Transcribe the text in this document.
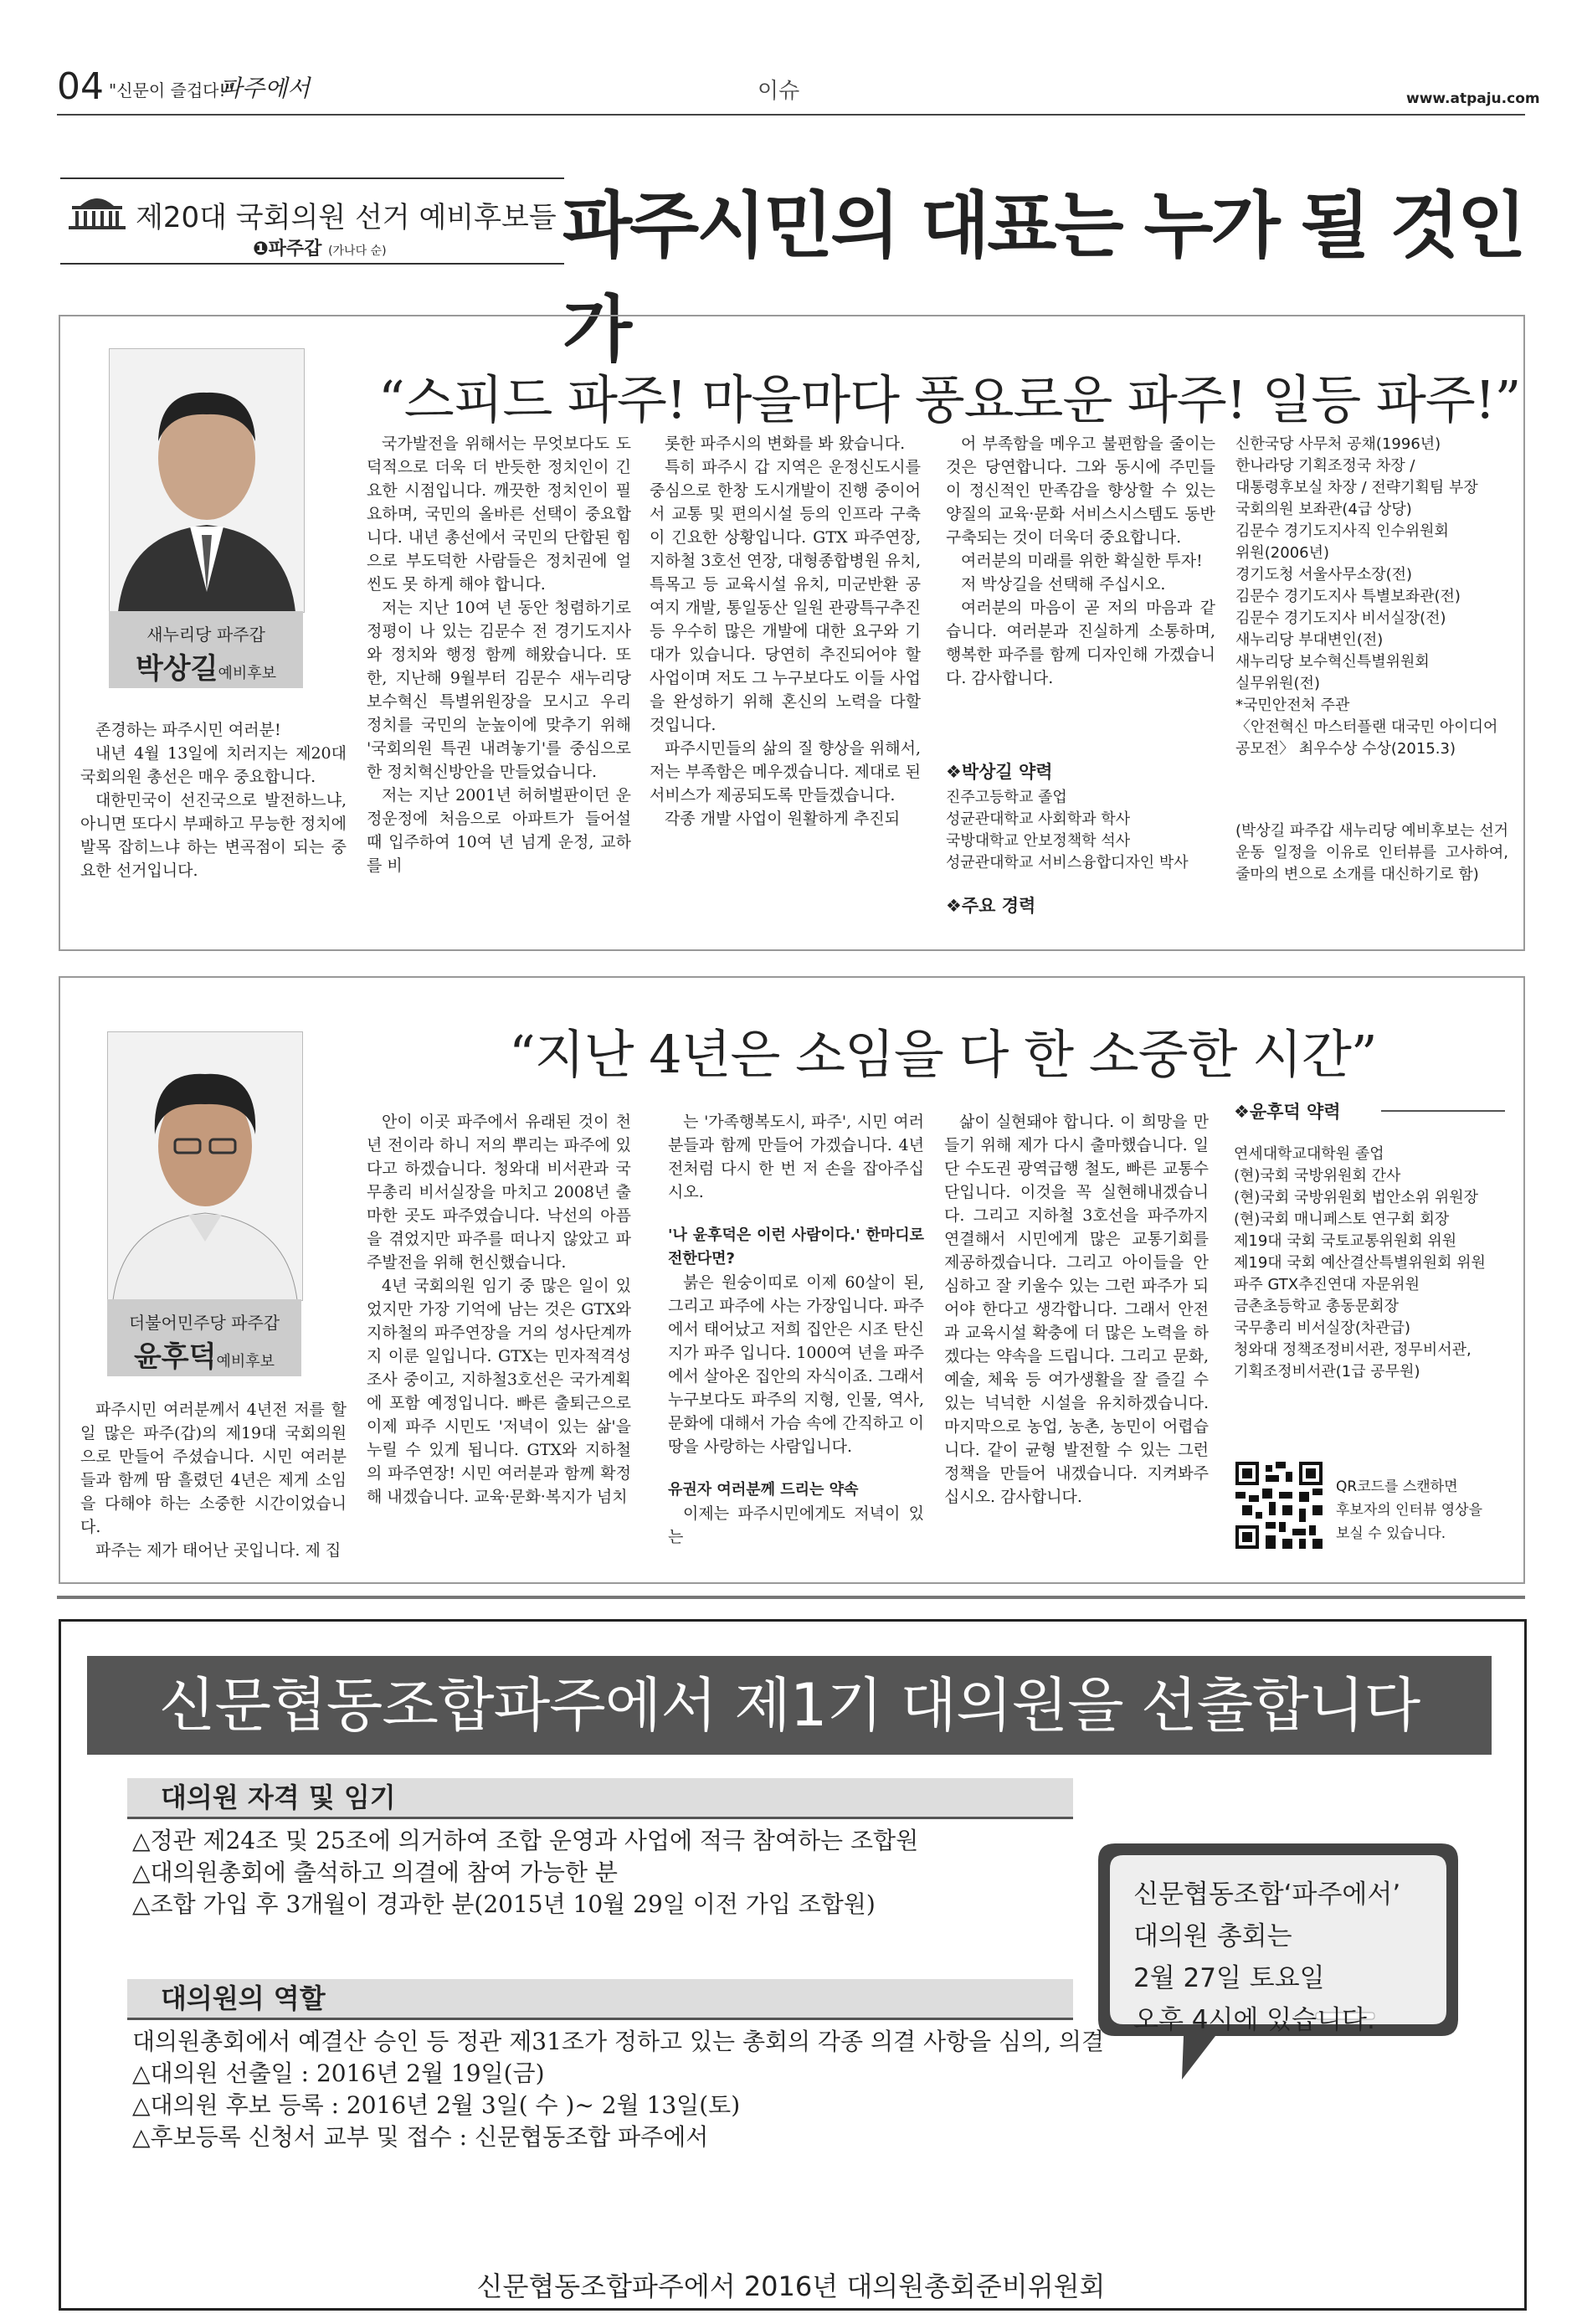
04 "신문이 즐겁다!"
파주에서	이슈	www.atpaju.com
제20대 국회의원 선거 예비후보들
❶파주갑 (가나다 순) 파주시민의 대표는 누가 될 것인가
새누리당 파주갑
박상길예비후보
“스피드 파주! 마을마다 풍요로운 파주! 일등 파주!”

존경하는 파주시민 여러분!

내년 4월 13일에 치러지는 제20대 국회의원 총선은 매우 중요합니다.

대한민국이 선진국으로 발전하느냐, 아니면 또다시 부패하고 무능한 정치에 발목 잡히느냐 하는 변곡점이 되는 중요한 선거입니다.

국가발전을 위해서는 무엇보다도 도덕적으로 더욱 더 반듯한 정치인이 긴요한 시점입니다. 깨끗한 정치인이 필요하며, 국민의 올바른 선택이 중요합니다. 내년 총선에서 국민의 단합된 힘으로 부도덕한 사람들은 정치권에 얼씬도 못 하게 해야 합니다.

저는 지난 10여 년 동안 청렴하기로 정평이 나 있는 김문수 전 경기도지사와 정치와 행정 함께 해왔습니다. 또한, 지난해 9월부터 김문수 새누리당 보수혁신 특별위원장을 모시고 우리 정치를 국민의 눈높이에 맞추기 위해 '국회의원 특권 내려놓기'를 중심으로 한 정치혁신방안을 만들었습니다.

저는 지난 2001년 허허벌판이던 운정운정에 처음으로 아파트가 들어설 때 입주하여 10여 년 넘게 운정, 교하를 비

롯한 파주시의 변화를 봐 왔습니다.

특히 파주시 갑 지역은 운정신도시를 중심으로 한창 도시개발이 진행 중이어서 교통 및 편의시설 등의 인프라 구축이 긴요한 상황입니다. GTX 파주연장, 지하철 3호선 연장, 대형종합병원 유치, 특목고 등 교육시설 유치, 미군반환 공여지 개발, 통일동산 일원 관광특구추진 등 우수히 많은 개발에 대한 요구와 기대가 있습니다. 당연히 추진되어야 할 사업이며 저도 그 누구보다도 이들 사업을 완성하기 위해 혼신의 노력을 다할 것입니다.

파주시민들의 삶의 질 향상을 위해서, 저는 부족함은 메우겠습니다. 제대로 된 서비스가 제공되도록 만들겠습니다.

각종 개발 사업이 원활하게 추진되

어 부족함을 메우고 불편함을 줄이는 것은 당연합니다. 그와 동시에 주민들이 정신적인 만족감을 향상할 수 있는 양질의 교육·문화 서비스시스템도 동반 구축되는 것이 더욱더 중요합니다.

여러분의 미래를 위한 확실한 투자!

저 박상길을 선택해 주십시오.

여러분의 마음이 곧 저의 마음과 같습니다. 여러분과 진실하게 소통하며, 행복한 파주를 함께 디자인해 가겠습니다. 감사합니다.

❖박상길 약력
진주고등학교 졸업
성균관대학교 사회학과 학사
국방대학교 안보정책학 석사
성균관대학교 서비스융합디자인 박사
❖주요 경력
신한국당 사무처 공채(1996년)
한나라당 기획조정국 차장 /
대통령후보실 차장 / 전략기획팀 부장
국회의원 보좌관(4급 상당)
김문수 경기도지사직 인수위원회
위원(2006년)
경기도청 서울사무소장(전)
김문수 경기도지사 특별보좌관(전)
김문수 경기도지사 비서실장(전)
새누리당 부대변인(전)
새누리당 보수혁신특별위원회
실무위원(전)
*국민안전처 주관
〈안전혁신 마스터플랜 대국민 아이디어
공모전〉 최우수상 수상(2015.3)
(박상길 파주갑 새누리당 예비후보는 선거운동 일정을 이유로 인터뷰를 고사하여, 줄마의 변으로 소개를 대신하기로 함)
더불어민주당 파주갑
윤후덕예비후보
“지난 4년은 소임을 다 한 소중한 시간”

파주시민 여러분께서 4년전 저를 할 일 많은 파주(갑)의 제19대 국회의원으로 만들어 주셨습니다. 시민 여러분들과 함께 땀 흘렸던 4년은 제게 소임을 다해야 하는 소중한 시간이었습니다.

파주는 제가 태어난 곳입니다. 제 집

안이 이곳 파주에서 유래된 것이 천 년 전이라 하니 저의 뿌리는 파주에 있다고 하겠습니다. 청와대 비서관과 국무총리 비서실장을 마치고 2008년 출마한 곳도 파주였습니다. 낙선의 아픔을 겪었지만 파주를 떠나지 않았고 파주발전을 위해 헌신했습니다.

4년 국회의원 임기 중 많은 일이 있었지만 가장 기억에 남는 것은 GTX와 지하철의 파주연장을 거의 성사단계까지 이룬 일입니다. GTX는 민자적격성 조사 중이고, 지하철3호선은 국가계획에 포함 예정입니다. 빠른 출퇴근으로 이제 파주 시민도 '저녁이 있는 삶'을 누릴 수 있게 됩니다. GTX와 지하철의 파주연장! 시민 여러분과 함께 확정해 내겠습니다. 교육·문화·복지가 넘치

는 '가족행복도시, 파주', 시민 여러분들과 함께 만들어 가겠습니다. 4년 전처럼 다시 한 번 저 손을 잡아주십시오.

'나 윤후덕은 이런 사람이다.' 한마디로 전한다면?

붉은 원숭이띠로 이제 60살이 된, 그리고 파주에 사는 가장입니다. 파주에서 태어났고 저희 집안은 시조 탄신지가 파주 입니다. 1000여 년을 파주에서 살아온 집안의 자식이죠. 그래서 누구보다도 파주의 지형, 인물, 역사, 문화에 대해서 가슴 속에 간직하고 이땅을 사랑하는 사람입니다.

유권자 여러분께 드리는 약속

이제는 파주시민에게도 저녁이 있는

삶이 실현돼야 합니다. 이 희망을 만들기 위해 제가 다시 출마했습니다. 일단 수도권 광역급행 철도, 빠른 교통수단입니다. 이것을 꼭 실현해내겠습니다. 그리고 지하철 3호선을 파주까지 연결해서 시민에게 많은 교통기회를 제공하겠습니다. 그리고 아이들을 안심하고 잘 키울수 있는 그런 파주가 되어야 한다고 생각합니다. 그래서 안전과 교육시설 확충에 더 많은 노력을 하겠다는 약속을 드립니다. 그리고 문화, 예술, 체육 등 여가생활을 잘 즐길 수 있는 넉넉한 시설을 유치하겠습니다. 마지막으로 농업, 농촌, 농민이 어렵습니다. 같이 균형 발전할 수 있는 그런 정책을 만들어 내겠습니다. 지켜봐주십시오. 감사합니다.

❖윤후덕 약력
연세대학교대학원 졸업
(현)국회 국방위원회 간사
(현)국회 국방위원회 법안소위 위원장
(현)국회 매니페스토 연구회 회장
제19대 국회 국토교통위원회 위원
제19대 국회 예산결산특별위원회 위원
파주 GTX추진연대 자문위원
금촌초등학교 총동문회장
국무총리 비서실장(차관급)
청와대 정책조정비서관, 정무비서관,
기획조정비서관(1급 공무원)
QR코드를 스캔하면
후보자의 인터뷰 영상을
보실 수 있습니다.
신문협동조합파주에서 제1기 대의원을 선출합니다
대의원 자격 및 임기
△정관 제24조 및 25조에 의거하여 조합 운영과 사업에 적극 참여하는 조합원
△대의원총회에 출석하고 의결에 참여 가능한 분
△조합 가입 후 3개월이 경과한 분(2015년 10월 29일 이전 가입 조합원)
대의원의 역할
대의원총회에서 예결산 승인 등 정관 제31조가 정하고 있는 총회의 각종 의결 사항을 심의, 의결
△대의원 선출일 : 2016년 2월 19일(금)
△대의원 후보 등록 : 2016년 2월 3일( 수 )~ 2월 13일(토)
△후보등록 신청서 교부 및 접수 : 신문협동조합 파주에서
신문협동조합‘파주에서’
대의원 총회는
2월 27일 토요일
오후 4시에 있습니다.
신문협동조합파주에서 2016년 대의원총회준비위원회
